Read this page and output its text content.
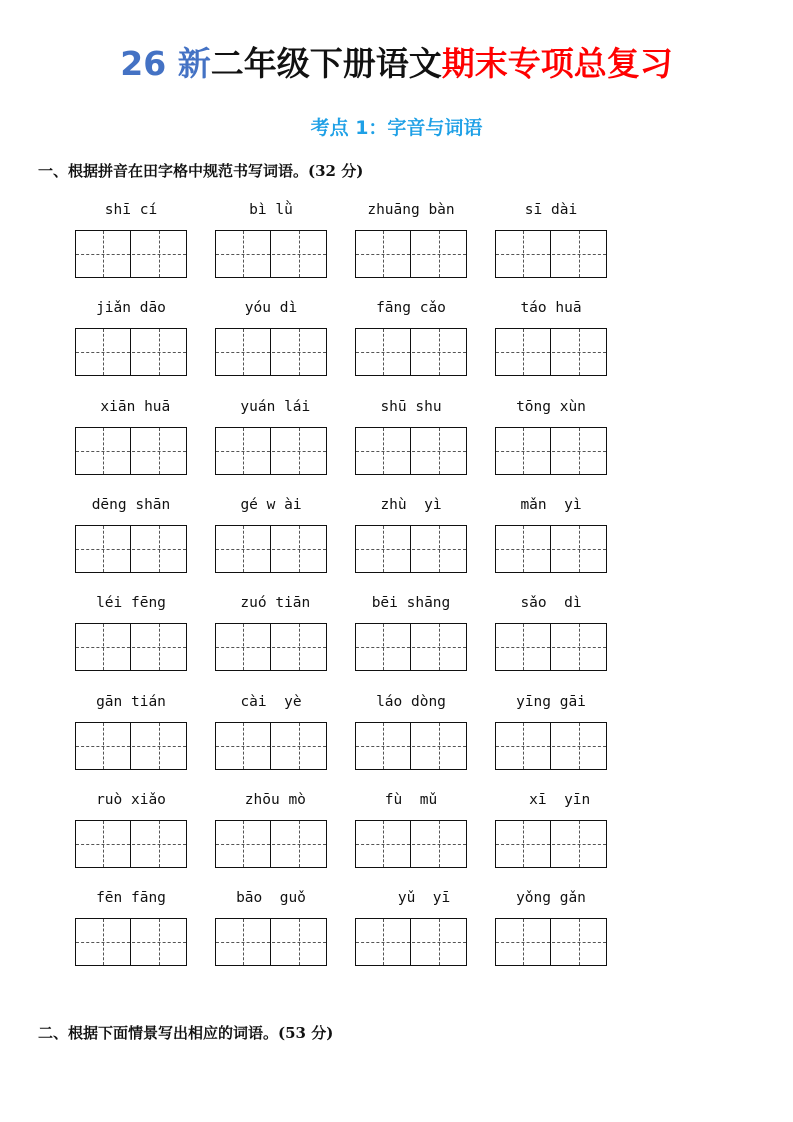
26 新二年级下册语文期末专项总复习
考点 1：字音与词语
一、根据拼音在田字格中规范书写词语。(32 分)
shī cí	bì lǜ	zhuāng bàn	sī dài
jiǎn dāo	yóu dì	fāng cǎo	táo huā
xiān huā	yuán lái	shū shu	tōng xùn
dēng shān	gé w ài	zhù  yì	mǎn  yì
léi fēng	zuó tiān	bēi shāng	sǎo  dì
gān tián	cài  yè	láo dòng	yīng gāi
ruò xiǎo	zhōu mò	fù  mǔ	xī  yīn
fēn fāng	bāo  guǒ	yǔ  yī	yǒng gǎn
二、根据下面情景写出相应的词语。(53 分)
